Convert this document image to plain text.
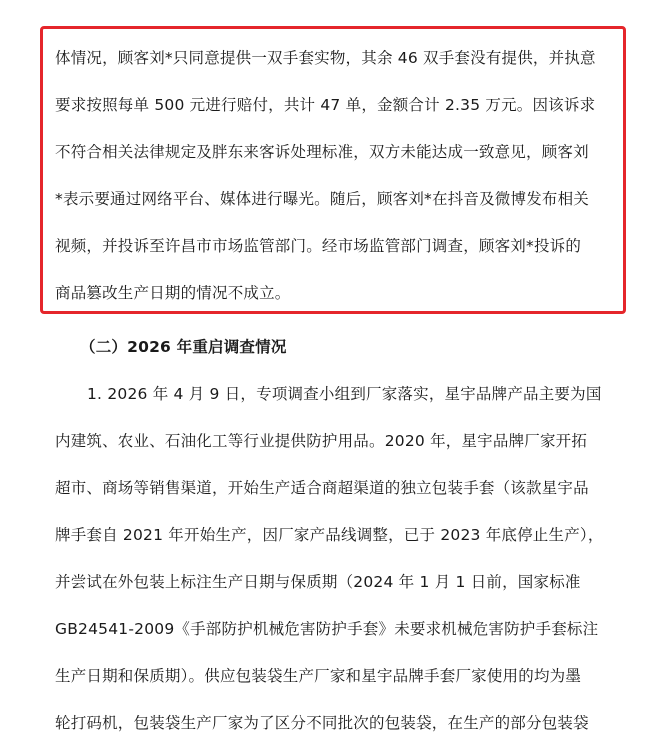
体情况，顾客刘*只同意提供一双手套实物，其余 46 双手套没有提供，并执意
要求按照每单 500 元进行赔付，共计 47 单，金额合计 2.35 万元。因该诉求
不符合相关法律规定及胖东来客诉处理标准，双方未能达成一致意见，顾客刘
*表示要通过网络平台、媒体进行曝光。随后，顾客刘*在抖音及微博发布相关
视频，并投诉至许昌市市场监管部门。经市场监管部门调查，顾客刘*投诉的
商品篡改生产日期的情况不成立。
（二）2026 年重启调查情况
1. 2026 年 4 月 9 日，专项调查小组到厂家落实，星宇品牌产品主要为国
内建筑、农业、石油化工等行业提供防护用品。2020 年，星宇品牌厂家开拓
超市、商场等销售渠道，开始生产适合商超渠道的独立包装手套（该款星宇品
牌手套自 2021 年开始生产，因厂家产品线调整，已于 2023 年底停止生产），
并尝试在外包装上标注生产日期与保质期（2024 年 1 月 1 日前，国家标准
GB24541-2009《手部防护机械危害防护手套》未要求机械危害防护手套标注
生产日期和保质期）。供应包装袋生产厂家和星宇品牌手套厂家使用的均为墨
轮打码机，包装袋生产厂家为了区分不同批次的包装袋，在生产的部分包装袋
